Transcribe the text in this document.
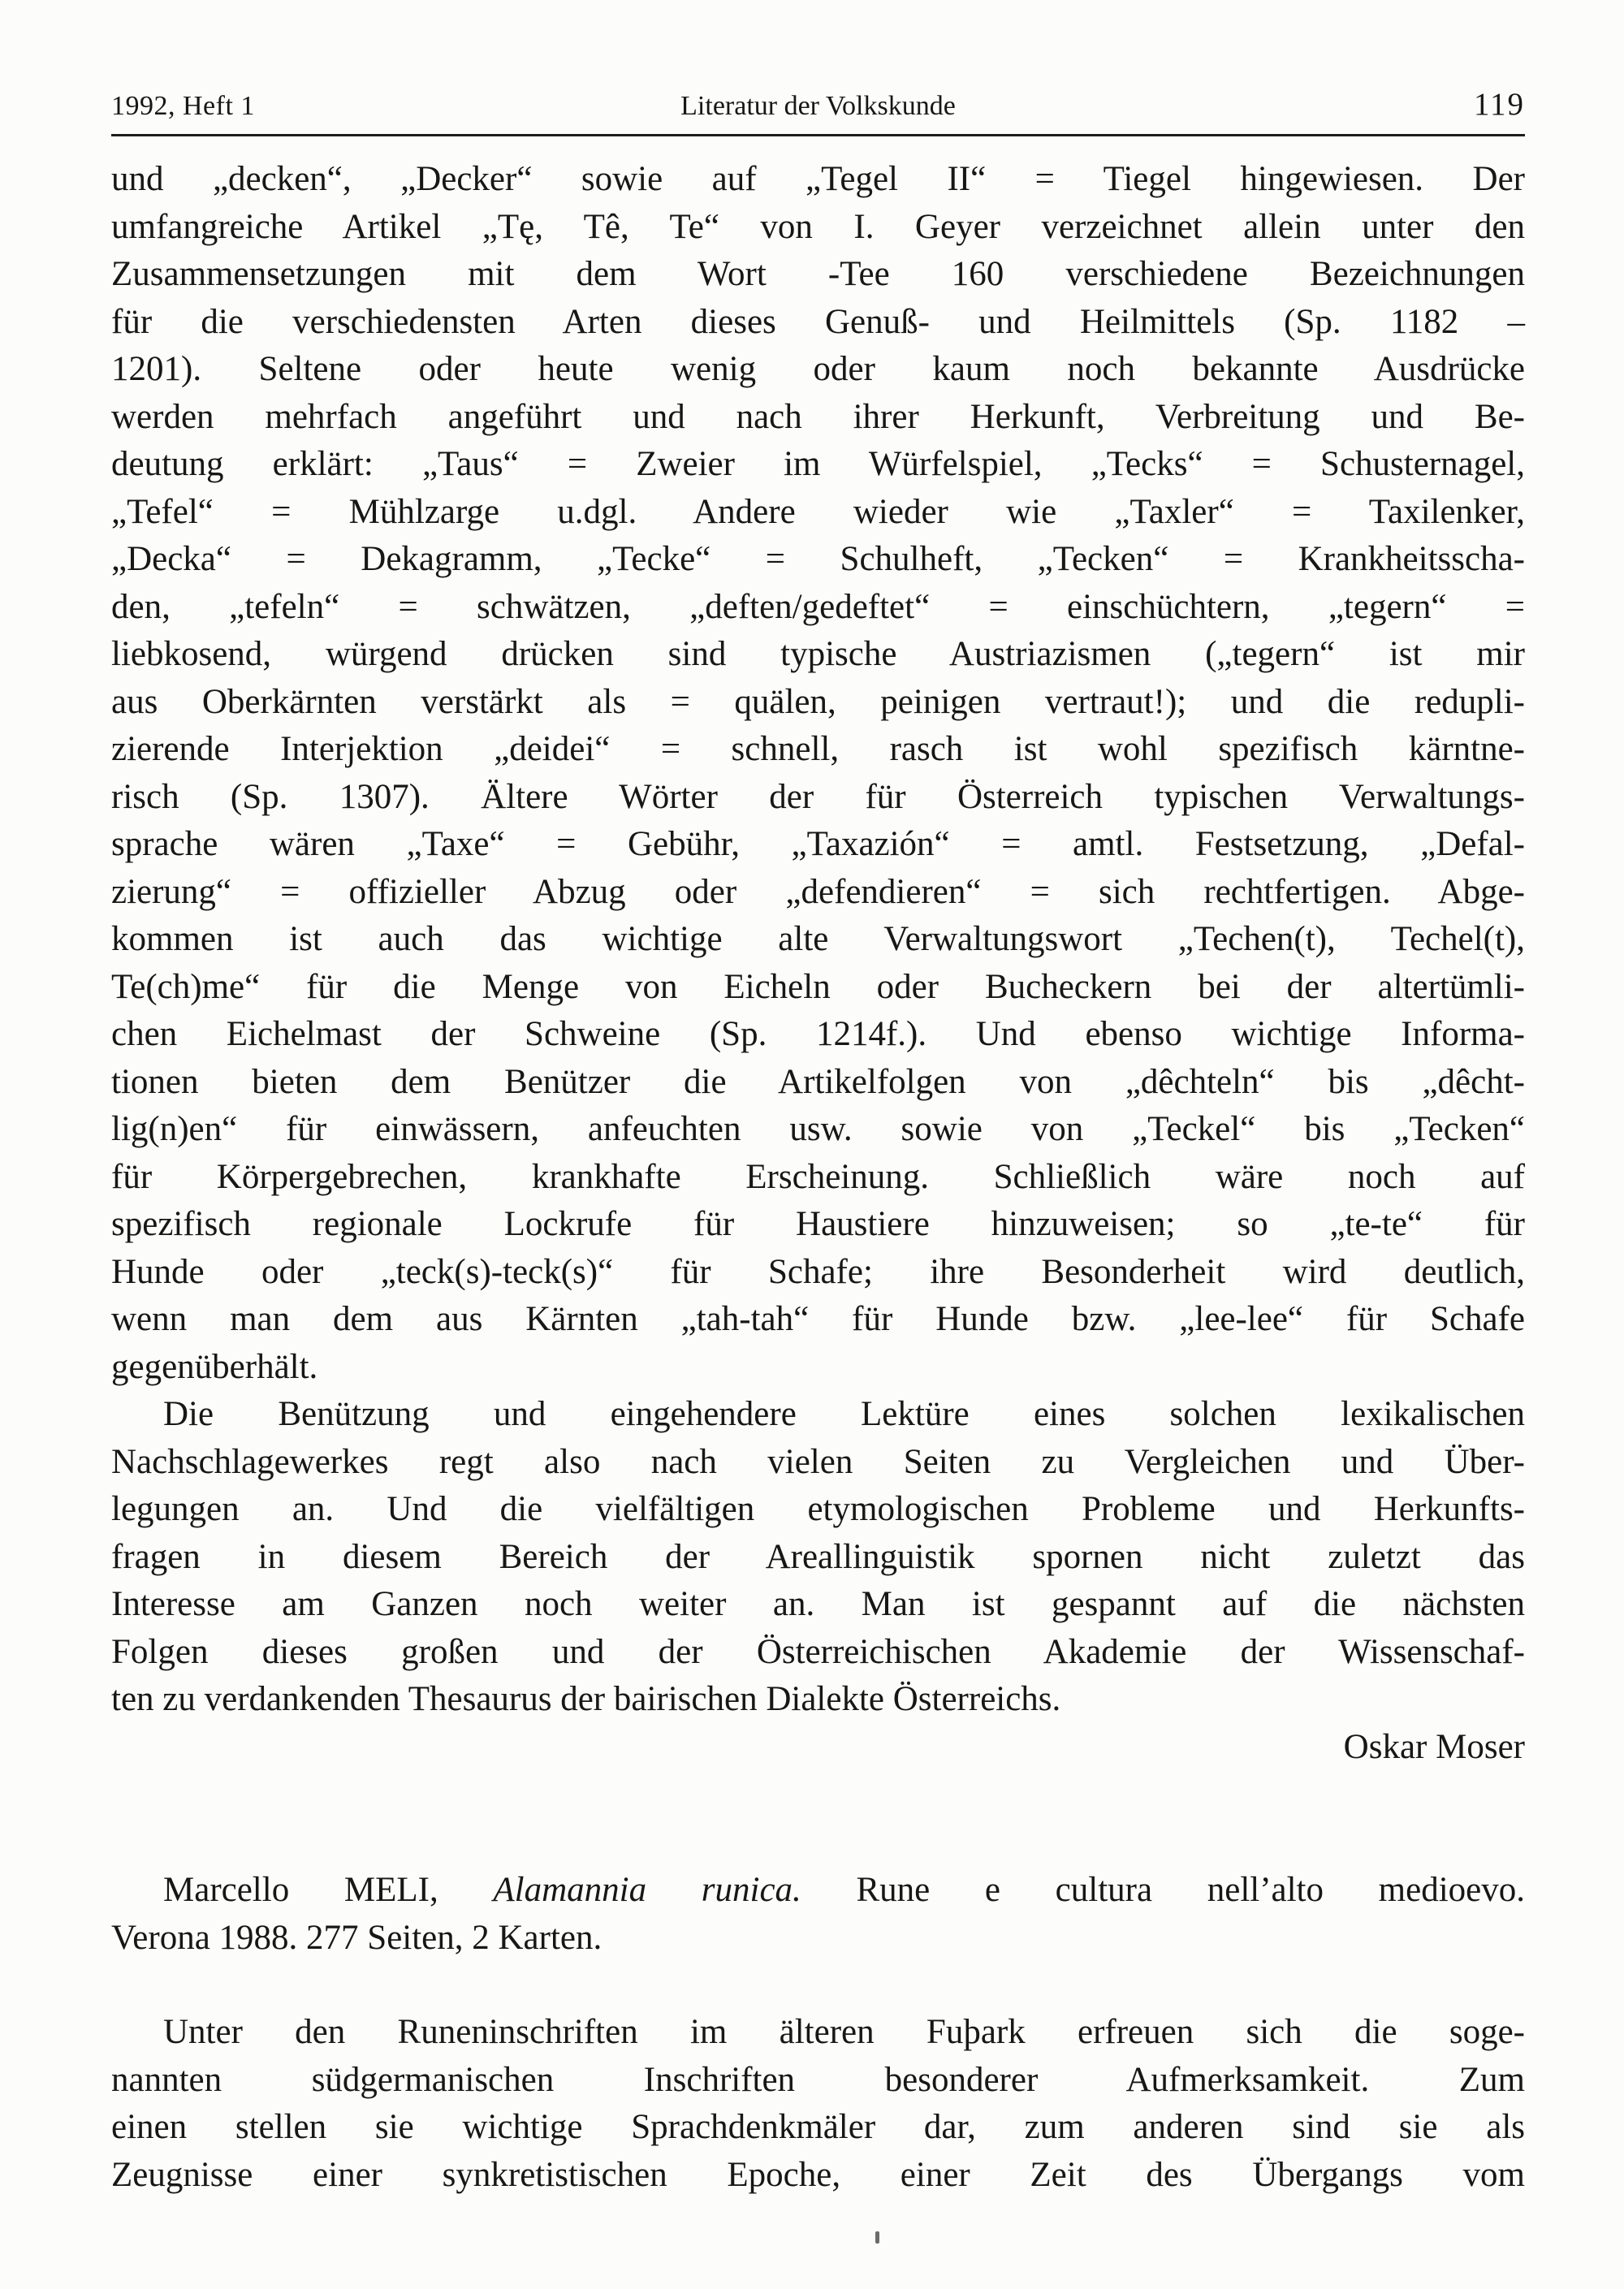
1992, Heft 1	Literatur der Volkskunde	119
und „decken“, „Decker“ sowie auf „Tegel II“ = Tiegel hingewiesen. Der
umfangreiche Artikel „Tę, Tê, Te“ von I. Geyer verzeichnet allein unter den
Zusammensetzungen mit dem Wort -Tee 160 verschiedene Bezeichnungen
für die verschiedensten Arten dieses Genuß- und Heilmittels (Sp. 1182 –
1201). Seltene oder heute wenig oder kaum noch bekannte Ausdrücke
werden mehrfach angeführt und nach ihrer Herkunft, Verbreitung und Be-
deutung erklärt: „Taus“ = Zweier im Würfelspiel, „Tecks“ = Schusternagel,
„Tefel“ = Mühlzarge u.dgl. Andere wieder wie „Taxler“ = Taxilenker,
„Decka“ = Dekagramm, „Tecke“ = Schulheft, „Tecken“ = Krankheitsscha-
den, „tefeln“ = schwätzen, „deften/gedeftet“ = einschüchtern, „tegern“ =
liebkosend, würgend drücken sind typische Austriazismen („tegern“ ist mir
aus Oberkärnten verstärkt als = quälen, peinigen vertraut!); und die redupli-
zierende Interjektion „deidei“ = schnell, rasch ist wohl spezifisch kärntne-
risch (Sp. 1307). Ältere Wörter der für Österreich typischen Verwaltungs-
sprache wären „Taxe“ = Gebühr, „Taxazión“ = amtl. Festsetzung, „Defal-
zierung“ = offizieller Abzug oder „defendieren“ = sich rechtfertigen. Abge-
kommen ist auch das wichtige alte Verwaltungswort „Techen(t), Techel(t),
Te(ch)me“ für die Menge von Eicheln oder Bucheckern bei der altertümli-
chen Eichelmast der Schweine (Sp. 1214f.). Und ebenso wichtige Informa-
tionen bieten dem Benützer die Artikelfolgen von „dêchteln“ bis „dêcht-
lig(n)en“ für einwässern, anfeuchten usw. sowie von „Teckel“ bis „Tecken“
für Körpergebrechen, krankhafte Erscheinung. Schließlich wäre noch auf
spezifisch regionale Lockrufe für Haustiere hinzuweisen; so „te-te“ für
Hunde oder „teck(s)-teck(s)“ für Schafe; ihre Besonderheit wird deutlich,
wenn man dem aus Kärnten „tah-tah“ für Hunde bzw. „lee-lee“ für Schafe
gegenüberhält.
Die Benützung und eingehendere Lektüre eines solchen lexikalischen
Nachschlagewerkes regt also nach vielen Seiten zu Vergleichen und Über-
legungen an. Und die vielfältigen etymologischen Probleme und Herkunfts-
fragen in diesem Bereich der Areallinguistik spornen nicht zuletzt das
Interesse am Ganzen noch weiter an. Man ist gespannt auf die nächsten
Folgen dieses großen und der Österreichischen Akademie der Wissenschaf-
ten zu verdankenden Thesaurus der bairischen Dialekte Österreichs.
Oskar Moser
Marcello MELI, Alamannia runica. Rune e cultura nell’alto medioevo.
Verona 1988. 277 Seiten, 2 Karten.
Unter den Runeninschriften im älteren Fuþark erfreuen sich die soge-
nannten südgermanischen Inschriften besonderer Aufmerksamkeit. Zum
einen stellen sie wichtige Sprachdenkmäler dar, zum anderen sind sie als
Zeugnisse einer synkretistischen Epoche, einer Zeit des Übergangs vom
